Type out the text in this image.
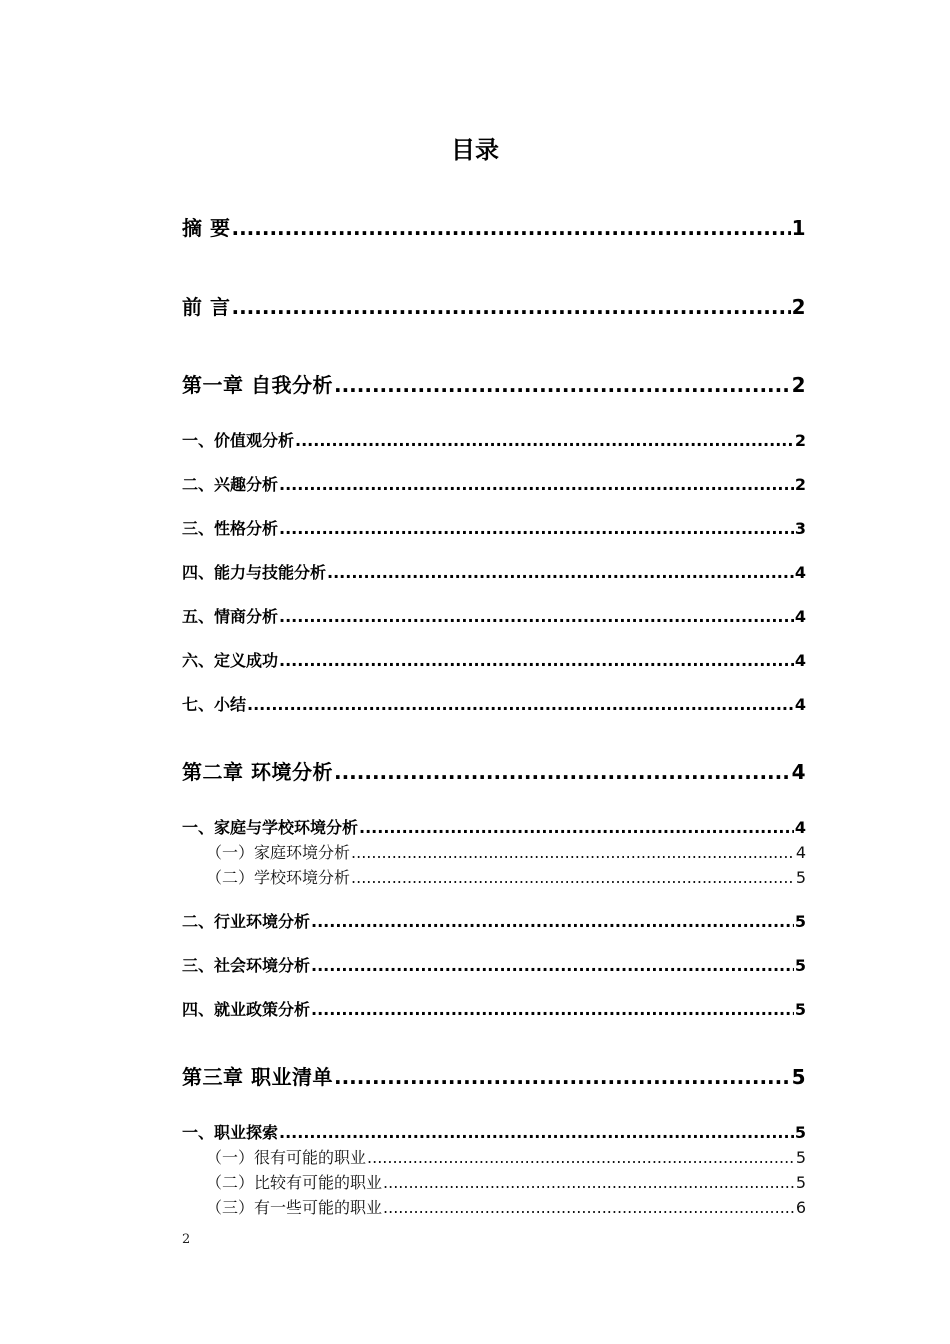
目录
摘 要 .....	1
前 言 .....	2
第一章 自我分析 .....	2
一、价值观分析 .....	2
二、兴趣分析 .....	2
三、性格分析 .....	3
四、能力与技能分析 .....	4
五、情商分析 .....	4
六、定义成功 .....	4
七、小结 .....	4
第二章 环境分析 .....	4
一、家庭与学校环境分析 .....	4
（一）家庭环境分析 .....	4
（二）学校环境分析 .....	5
二、行业环境分析 .....	5
三、社会环境分析 .....	5
四、就业政策分析 .....	5
第三章 职业清单 .....	5
一、职业探索 .....	5
（一）很有可能的职业 .....	5
（二）比较有可能的职业 .....	5
（三）有一些可能的职业 .....	6
2
